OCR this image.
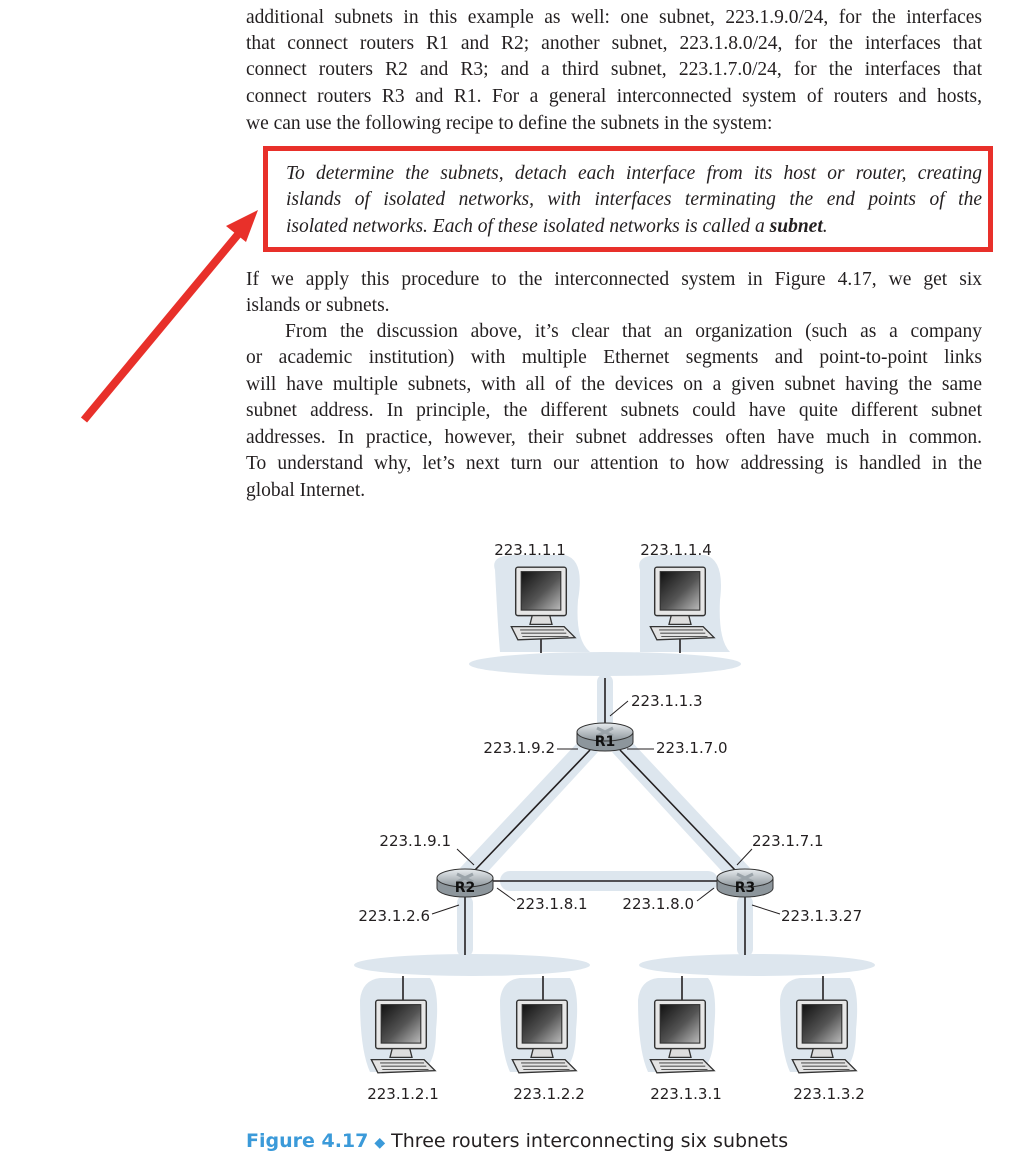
additional subnets in this example as well: one subnet, 223.1.9.0/24, for the interfaces
that connect routers R1 and R2; another subnet, 223.1.8.0/24, for the interfaces that
connect routers R2 and R3; and a third subnet, 223.1.7.0/24, for the interfaces that
connect routers R3 and R1. For a general interconnected system of routers and hosts,
we can use the following recipe to define the subnets in the system:
To determine the subnets, detach each interface from its host or router, creating
islands of isolated networks, with interfaces terminating the end points of the
isolated networks. Each of these isolated networks is called a subnet.
If we apply this procedure to the interconnected system in Figure 4.17, we get six
islands or subnets.
From the discussion above, it’s clear that an organization (such as a company
or academic institution) with multiple Ethernet segments and point-to-point links
will have multiple subnets, with all of the devices on a given subnet having the same
subnet address. In principle, the different subnets could have quite different subnet
addresses. In practice, however, their subnet addresses often have much in common.
To understand why, let’s next turn our attention to how addressing is handled in the
global Internet.
R1
R2	R3
223.1.1.1	223.1.1.4
223.1.1.3
223.1.9.2	223.1.7.0
223.1.9.1	223.1.7.1
223.1.8.1 223.1.8.0
223.1.2.6	223.1.3.27
223.1.2.1	223.1.2.2	223.1.3.1	223.1.3.2
Figure 4.17 ◆ Three routers interconnecting six subnets
